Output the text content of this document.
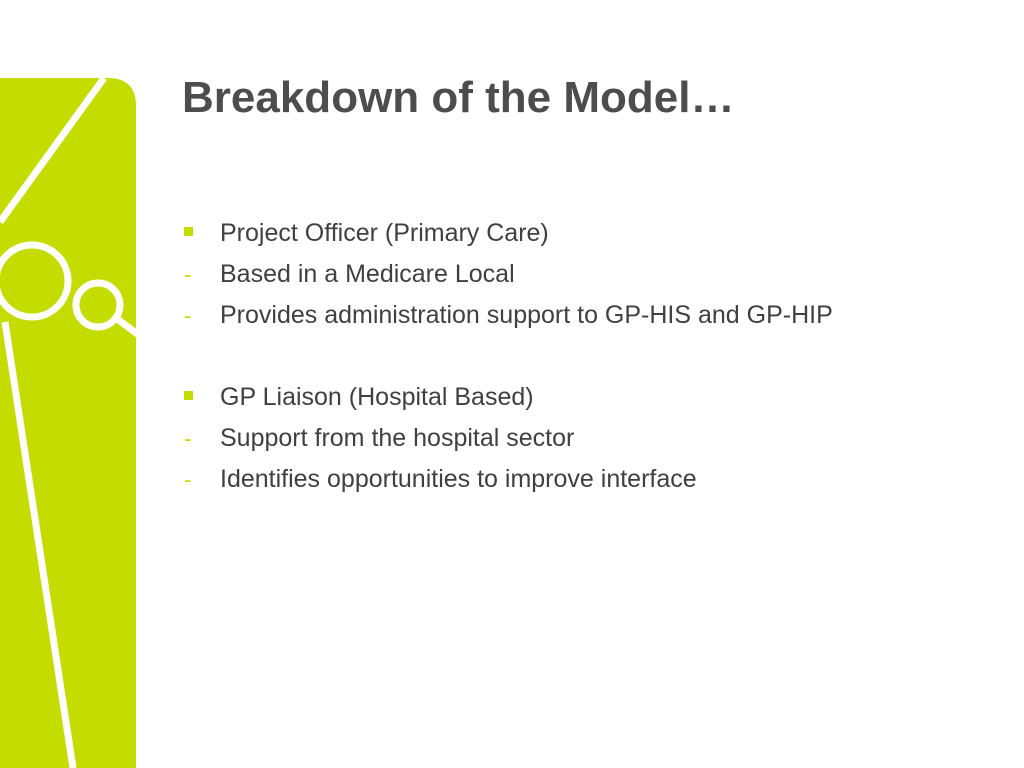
Breakdown of the Model…
Project Officer (Primary Care)
-
Based in a Medicare Local
-
Provides administration support to GP-HIS and GP-HIP
GP Liaison (Hospital Based)
-
Support from the hospital sector
-
Identifies opportunities to improve interface
